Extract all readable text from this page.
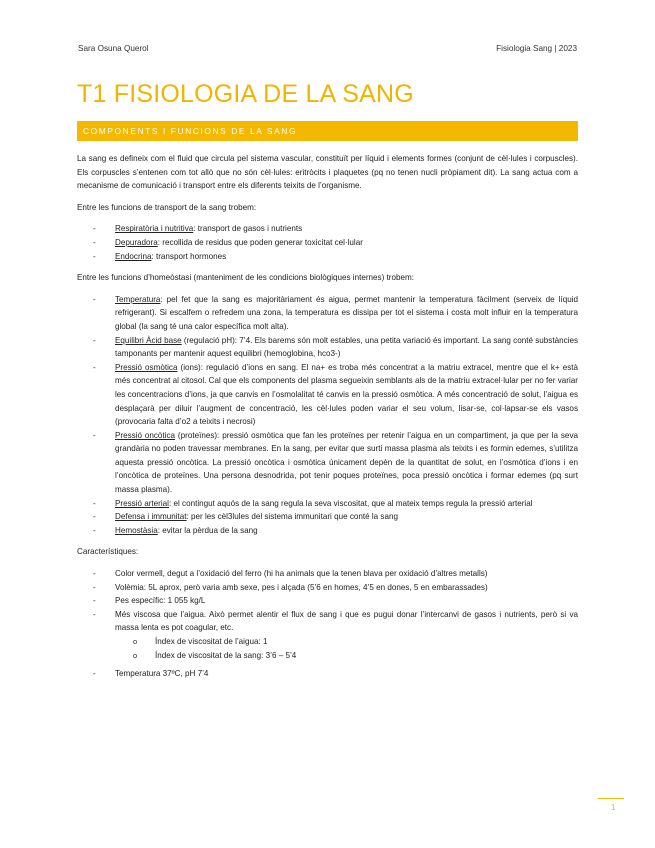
Sara Osuna Querol	Fisiologia Sang | 2023
T1 FISIOLOGIA DE LA SANG
COMPONENTS I FUNCIONS DE LA SANG

La sang es defineix com el fluid que circula pel sistema vascular, constituït per líquid i elements formes (conjunt de cèl·lules i corpuscles). Els corpuscles s’entenen com tot allò que no són cèl·lules: eritròcits i plaquetes (pq no tenen nucli pròpiament dit). La sang actua com a mecanisme de comunicació i transport entre els diferents teixits de l’organisme.

Entre les funcions de transport de la sang trobem:

- Respiratòria i nutritiva: transport de gasos i nutrients
- Depuradora: recollida de residus que poden generar toxicitat cel·lular
- Endocrina: transport hormones

Entre les funcions d’homeòstasi (manteniment de les condicions biològiques internes) trobem:

- Temperatura: pel fet que la sang es majoritàriament és aigua, permet mantenir la temperatura fàcilment (serveix de líquid refrigerant). Si escalfem o refredem una zona, la temperatura es dissipa per tot el sistema i costa molt influir en la temperatura global (la sang té una calor específica molt alta).
- Equilibri Àcid base (regulació pH): 7’4. Els barems són molt estables, una petita variació és important. La sang conté substàncies tamponants per mantenir aquest equilibri (hemoglobina, hco3-)
- Pressió osmòtica (ions): regulació d’ions en sang. El na+ es troba més concentrat a la matriu extracel, mentre que el k+ està més concentrat al citosol. Cal que els components del plasma segueixin semblants als de la matriu extracel·lular per no fer variar les concentracions d’ions, ja que canvis en l’osmolalitat té canvis en la pressió osmòtica. A més concentració de solut, l’aigua es desplaçarà per diluir l’augment de concentració, les cèl·lules poden variar el seu volum, lisar-se, col·lapsar-se els vasos (provocaria falta d’o2 a teixits i necrosi)
- Pressió oncòtica (proteïnes): pressió osmòtica que fan les proteïnes per retenir l’aigua en un compartiment, ja que per la seva grandària no poden travessar membranes. En la sang, per evitar que surti massa plasma als teixits i es formin edemes, s’utilitza aquesta pressió oncòtica. La pressió oncòtica i osmòtica únicament depèn de la quantitat de solut, en l’osmòtica d’ions i en l’oncòtica de proteïnes. Una persona desnodrida, pot tenir poques proteïnes, poca pressió oncòtica i formar edemes (pq surt massa plasma).
- Pressió arterial: el contingut aquós de la sang regula la seva viscositat, que al mateix temps regula la pressió arterial
- Defensa i immunitat: per les cèl3lules del sistema immunitari que conté la sang
- Hemostàsia: evitar la pèrdua de la sang

Característiques:

- Color vermell, degut a l’oxidació del ferro (hi ha animals que la tenen blava per oxidació d’altres metalls)
- Volèmia: 5L aprox, però varia amb sexe, pes i alçada (5’6 en homes, 4’5 en dones, 5 en embarassades)
- Pes específic: 1 055 kg/L
- Més viscosa que l’aigua. Això permet alentir el flux de sang i que es pugui donar l’intercanvi de gasos i nutrients, però si va massa lenta es pot coagular, etc.
o Índex de viscositat de l’aigua: 1
o Índex de viscositat de la sang: 3’6 – 5’4
- Temperatura 37ºC, pH 7’4
1
